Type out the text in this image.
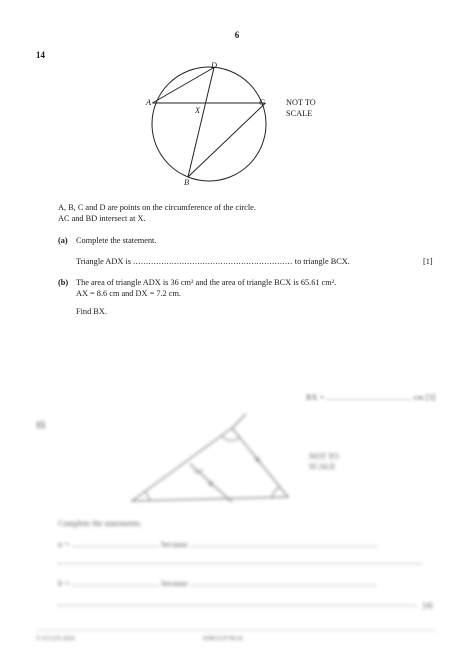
6
14
D
A	C
X
B
NOT TO
SCALE
A, B, C and D are points on the circumference of the circle.
AC and BD intersect at X.
(a) Complete the statement.
Triangle ADX is .............................................................. to triangle BCX.	[1]
(b) The area of triangle ADX is 36 cm² and the area of triangle BCX is 65.61 cm².
AX = 8.6 cm and DX = 7.2 cm.
Find BX.
BX = ................................. cm [3]
15
NOT TO
SCALE
Complete the statements.
a = .................................. because .........................................................................
b = .................................. because .........................................................................
[4]
© UCLES 2024	0580/22/F/M/24
